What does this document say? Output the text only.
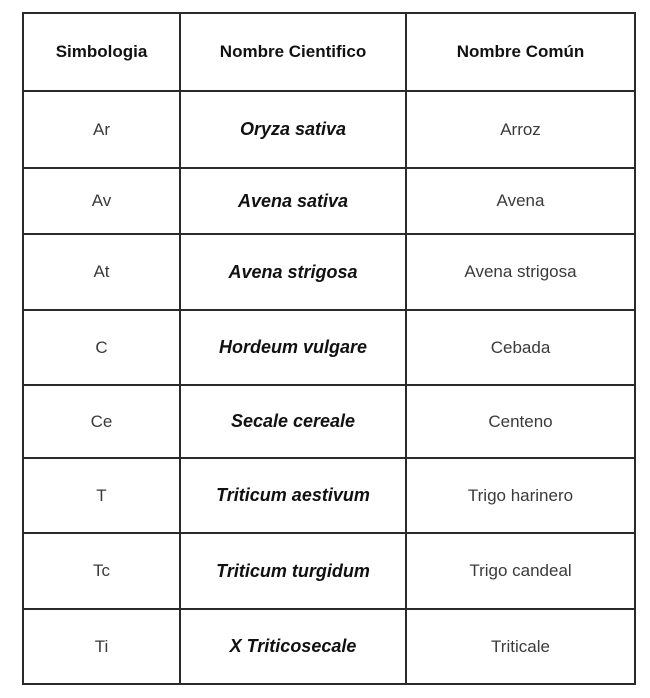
Simbologia	Nombre Cientifico	Nombre Común
Ar	Oryza sativa	Arroz
Av	Avena sativa	Avena
At	Avena strigosa	Avena strigosa
C	Hordeum vulgare	Cebada
Ce	Secale cereale	Centeno
T	Triticum aestivum	Trigo harinero
Tc	Triticum turgidum	Trigo candeal
Ti	X Triticosecale	Triticale
